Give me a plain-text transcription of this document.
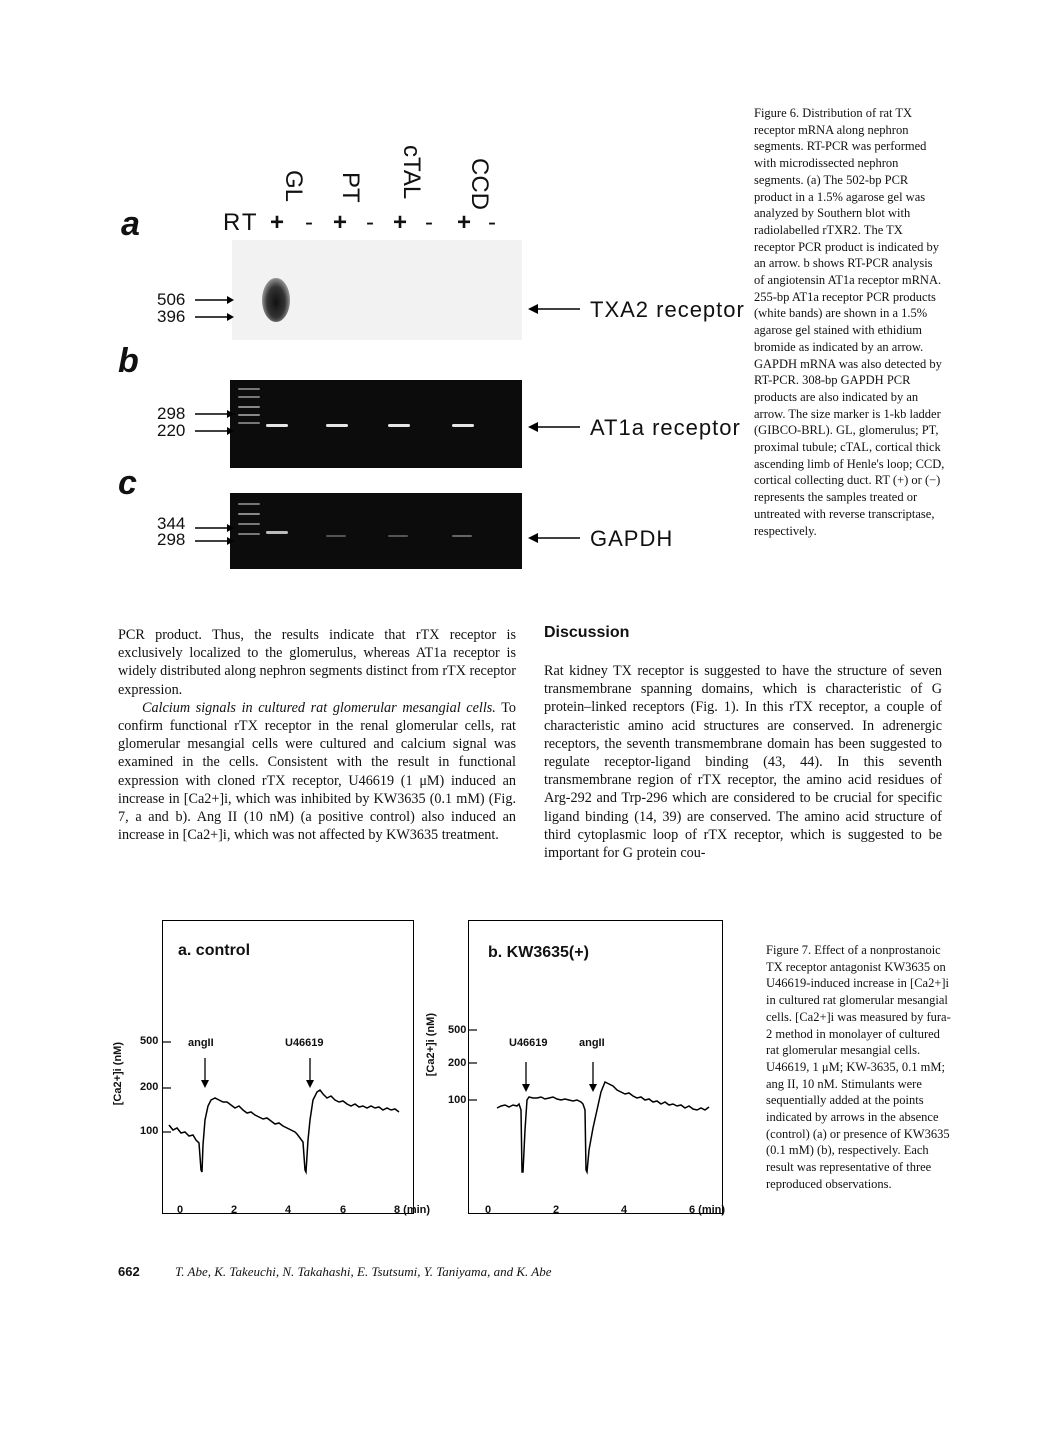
a
b
c
GL PT cTAL CCD
RT + - + - + - + -
506
396	TXA2 receptor
298
220	AT1a receptor
344
298	GAPDH
Figure 6. Distribution of rat TX receptor mRNA along nephron segments. RT-PCR was performed with microdissected nephron segments. (a) The 502-bp PCR product in a 1.5% agarose gel was analyzed by Southern blot with radiolabelled rTXR2. The TX receptor PCR product is indicated by an arrow. b shows RT-PCR analysis of angiotensin AT1a receptor mRNA. 255-bp AT1a receptor PCR products (white bands) are shown in a 1.5% agarose gel stained with ethidium bromide as indicated by an arrow. GAPDH mRNA was also detected by RT-PCR. 308-bp GAPDH PCR products are also indicated by an arrow. The size marker is 1-kb ladder (GIBCO-BRL). GL, glomerulus; PT, proximal tubule; cTAL, cortical thick ascending limb of Henle's loop; CCD, cortical collecting duct. RT (+) or (−) represents the samples treated or untreated with reverse transcriptase, respectively.

PCR product. Thus, the results indicate that rTX receptor is exclusively localized to the glomerulus, whereas AT1a receptor is widely distributed along nephron segments distinct from rTX receptor expression.

Calcium signals in cultured rat glomerular mesangial cells. To confirm functional rTX receptor in the renal glomerular cells, rat glomerular mesangial cells were cultured and calcium signal was examined in the cells. Consistent with the result in functional expression with cloned rTX receptor, U46619 (1 μM) induced an increase in [Ca2+]i, which was inhibited by KW3635 (0.1 mM) (Fig. 7, a and b). Ang II (10 nM) (a positive control) also induced an increase in [Ca2+]i, which was not affected by KW3635 treatment.

Discussion

Rat kidney TX receptor is suggested to have the structure of seven transmembrane spanning domains, which is characteristic of G protein–linked receptors (Fig. 1). In this rTX receptor, a couple of characteristic amino acid structures are conserved. In adrenergic receptors, the seventh transmembrane domain has been suggested to regulate receptor-ligand binding (43, 44). In this seventh transmembrane region of rTX receptor, the amino acid residues of Arg-292 and Trp-296 which are considered to be crucial for specific ligand binding (14, 39) are conserved. The amino acid structure of third cytoplasmic loop of rTX receptor, which is suggested to be important for G protein cou-

a. control
angII	U46619
500
200
100
[Ca2+]i (nM)
0	2	4	6	8 (min)
b. KW3635(+)
U46619	angII
500
200
100
[Ca2+]i (nM)
0	2	4	6 (min)
Figure 7. Effect of a nonprostanoic TX receptor antagonist KW3635 on U46619-induced increase in [Ca2+]i in cultured rat glomerular mesangial cells. [Ca2+]i was measured by fura-2 method in monolayer of cultured rat glomerular mesangial cells. U46619, 1 μM; KW-3635, 0.1 mM; ang II, 10 nM. Stimulants were sequentially added at the points indicated by arrows in the absence (control) (a) or presence of KW3635 (0.1 mM) (b), respectively. Each result was representative of three reproduced observations.
662	T. Abe, K. Takeuchi, N. Takahashi, E. Tsutsumi, Y. Taniyama, and K. Abe
